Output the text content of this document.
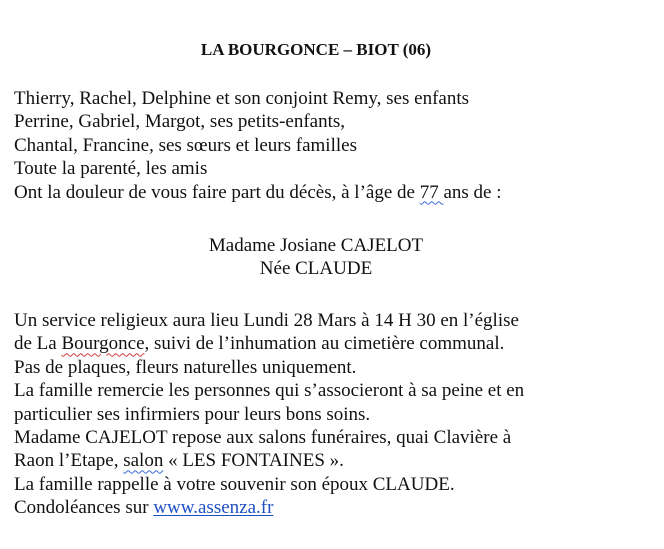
LA BOURGONCE – BIOT (06)
Thierry, Rachel, Delphine et son conjoint Remy, ses enfants
Perrine, Gabriel, Margot, ses petits-enfants,
Chantal, Francine, ses sœurs et leurs familles
Toute la parenté, les amis
Ont la douleur de vous faire part du décès, à l’âge de 77 ans de :
Madame Josiane CAJELOT
Née CLAUDE
Un service religieux aura lieu Lundi 28 Mars à 14 H 30 en l’église
de La Bourgonce, suivi de l’inhumation au cimetière communal.
Pas de plaques, fleurs naturelles uniquement.
La famille remercie les personnes qui s’associeront à sa peine et en
particulier ses infirmiers pour leurs bons soins.
Madame CAJELOT repose aux salons funéraires, quai Clavière à
Raon l’Etape, salon « LES FONTAINES ».
La famille rappelle à votre souvenir son époux CLAUDE.
Condoléances sur www.assenza.fr
